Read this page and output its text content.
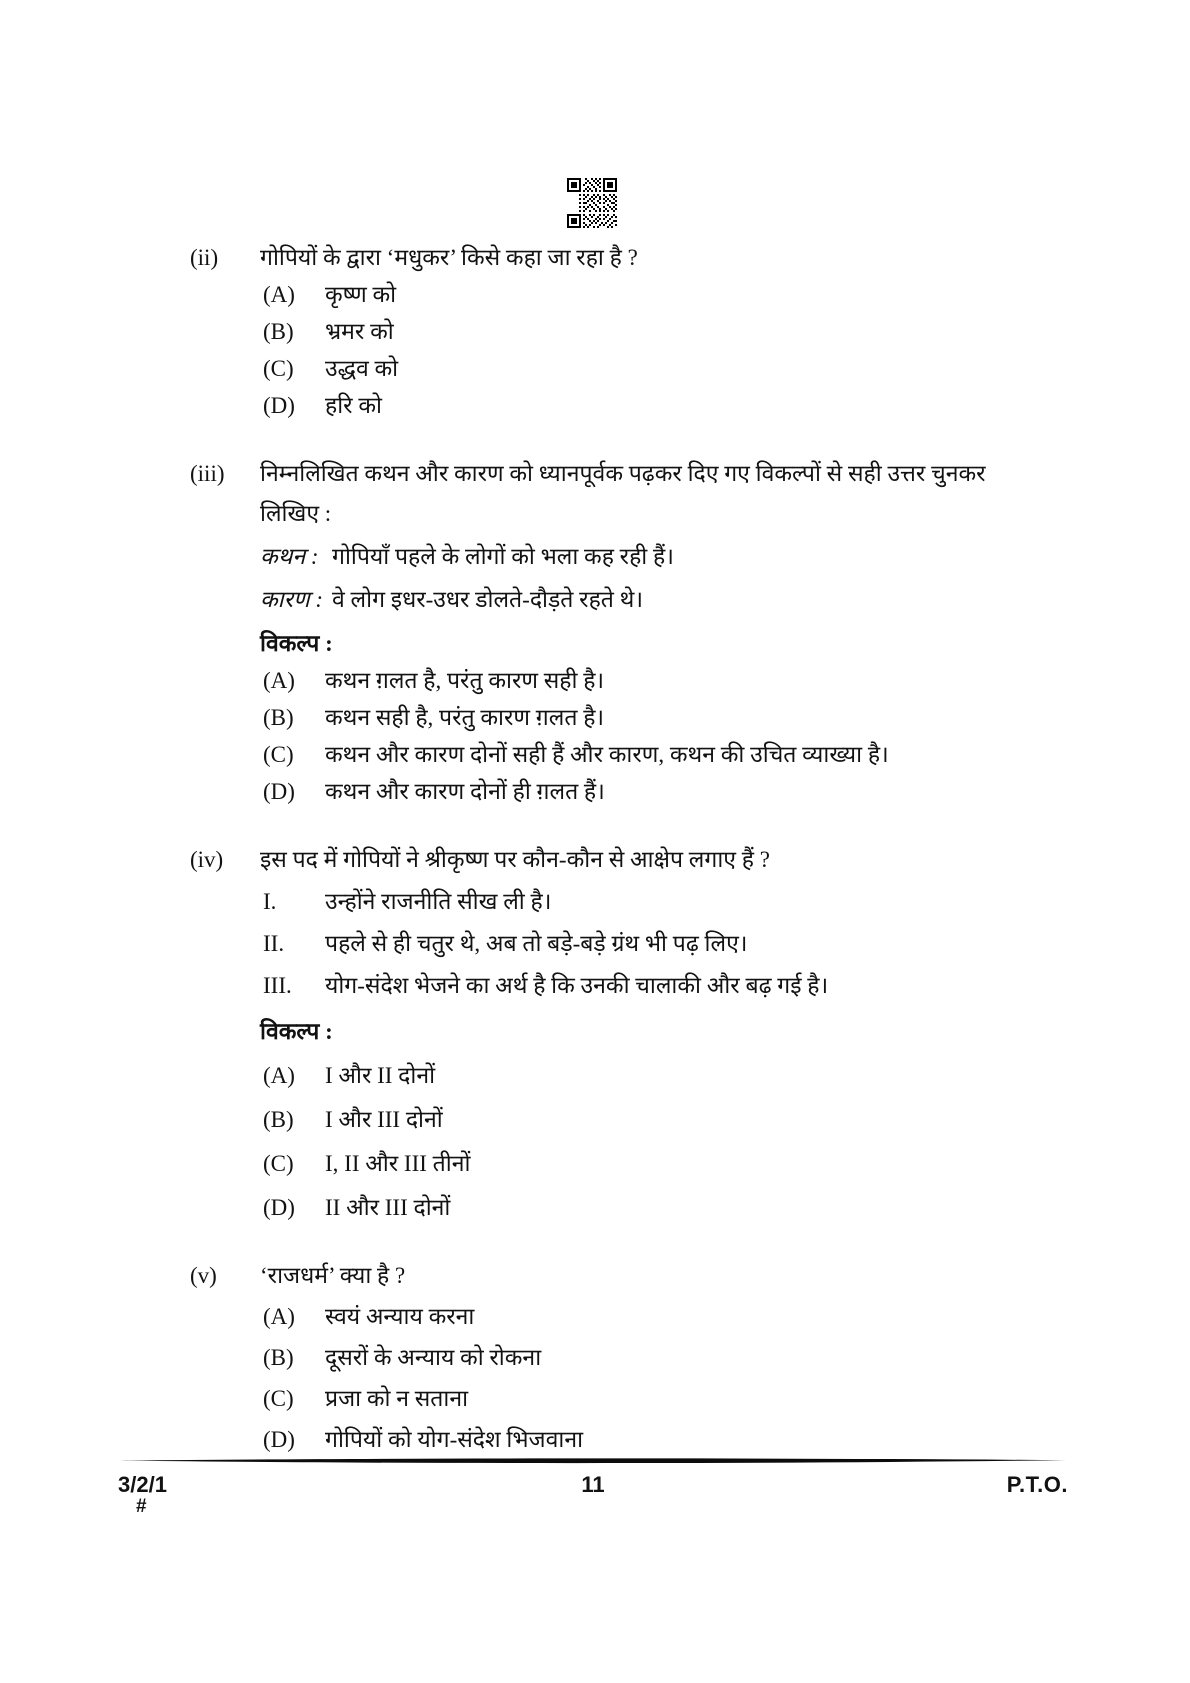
(ii)	गोपियों के द्वारा ‘मधुकर’ किसे कहा जा रहा है ?
(A)	कृष्ण को
(B)	भ्रमर को
(C)	उद्धव को
(D)	हरि को
(iii)	निम्नलिखित कथन और कारण को ध्यानपूर्वक पढ़कर दिए गए विकल्पों से सही उत्तर चुनकर
लिखिए :
कथन : गोपियाँ पहले के लोगों को भला कह रही हैं।
कारण : वे लोग इधर-उधर डोलते-दौड़ते रहते थे।
विकल्प :
(A)	कथन ग़लत है, परंतु कारण सही है।
(B)	कथन सही है, परंतु कारण ग़लत है।
(C)	कथन और कारण दोनों सही हैं और कारण, कथन की उचित व्याख्या है।
(D)	कथन और कारण दोनों ही ग़लत हैं।
(iv)	इस पद में गोपियों ने श्रीकृष्ण पर कौन-कौन से आक्षेप लगाए हैं ?
I.	उन्होंने राजनीति सीख ली है।
II.	पहले से ही चतुर थे, अब तो बड़े-बड़े ग्रंथ भी पढ़ लिए।
III.	योग-संदेश भेजने का अर्थ है कि उनकी चालाकी और बढ़ गई है।
विकल्प :
(A)	I और II दोनों
(B)	I और III दोनों
(C)	I, II और III तीनों
(D)	II और III दोनों
(v)	‘राजधर्म’ क्या है ?
(A)	स्वयं अन्याय करना
(B)	दूसरों के अन्याय को रोकना
(C)	प्रजा को न सताना
(D)	गोपियों को योग-संदेश भिजवाना
3/2/1
#
11	P.T.O.
